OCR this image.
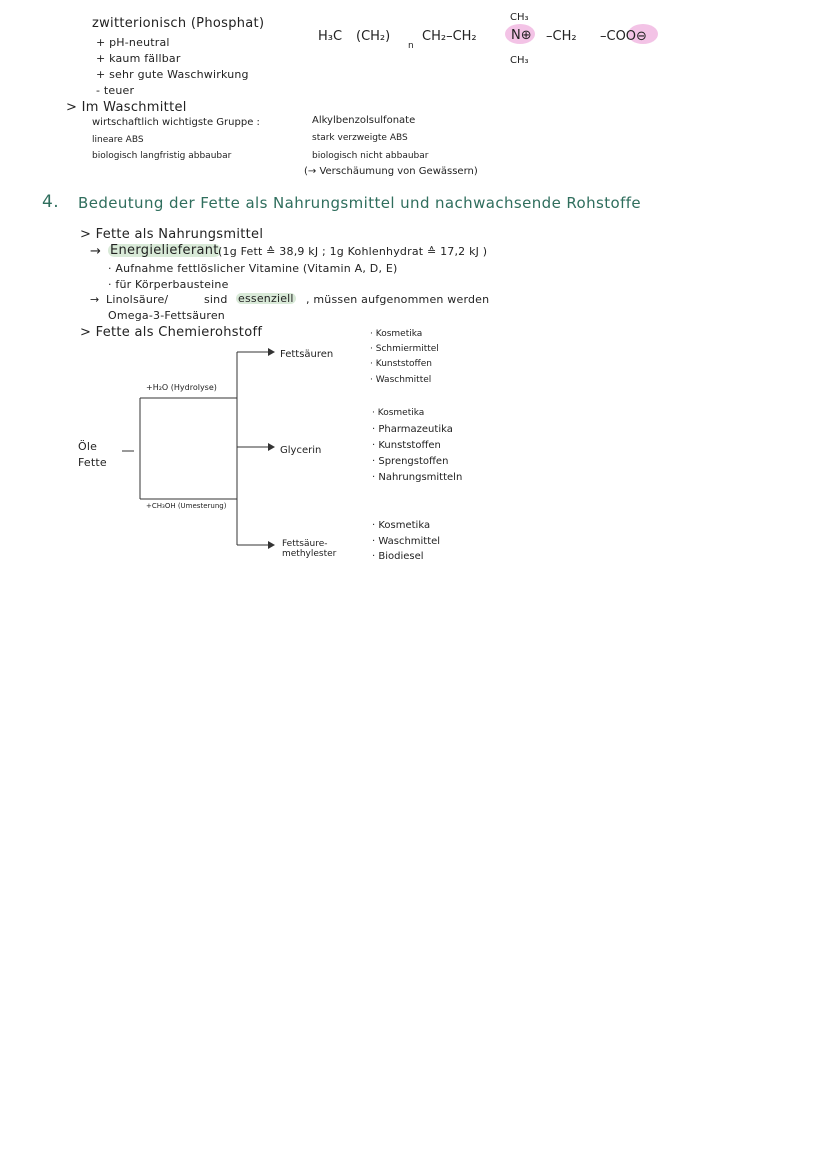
zwitterionisch (Phosphat)
+ pH-neutral
+ kaum fällbar
+ sehr gute Waschwirkung
- teuer
H₃C (CH₂)
n
CH₂–CH₂
CH₃
N⊕
CH₃
–CH₂ –COO⊖
> Im Waschmittel
wirtschaftlich wichtigste Gruppe :	Alkylbenzolsulfonate
lineare ABS	stark verzweigte ABS
biologisch langfristig abbaubar	biologisch nicht abbaubar
(→ Verschäumung von Gewässern)
4. Bedeutung der Fette als Nahrungsmittel und nachwachsende Rohstoffe
> Fette als Nahrungsmittel
→ Energielieferant (1g Fett ≙ 38,9 kJ ; 1g Kohlenhydrat ≙ 17,2 kJ )
· Aufnahme fettlöslicher Vitamine (Vitamin A, D, E)
· für Körperbausteine
→ Linolsäure/	sind essenziell , müssen aufgenommen werden
Omega-3-Fettsäuren
> Fette als Chemierohstoff
Öle
Fette
+H₂O (Hydrolyse)
+CH₃OH (Umesterung)
Fettsäuren
Glycerin
Fettsäure-
methylester
· Kosmetika
· Schmiermittel
· Kunststoffen
· Waschmittel
· Kosmetika
· Pharmazeutika
· Kunststoffen
· Sprengstoffen
· Nahrungsmitteln
· Kosmetika
· Waschmittel
· Biodiesel
